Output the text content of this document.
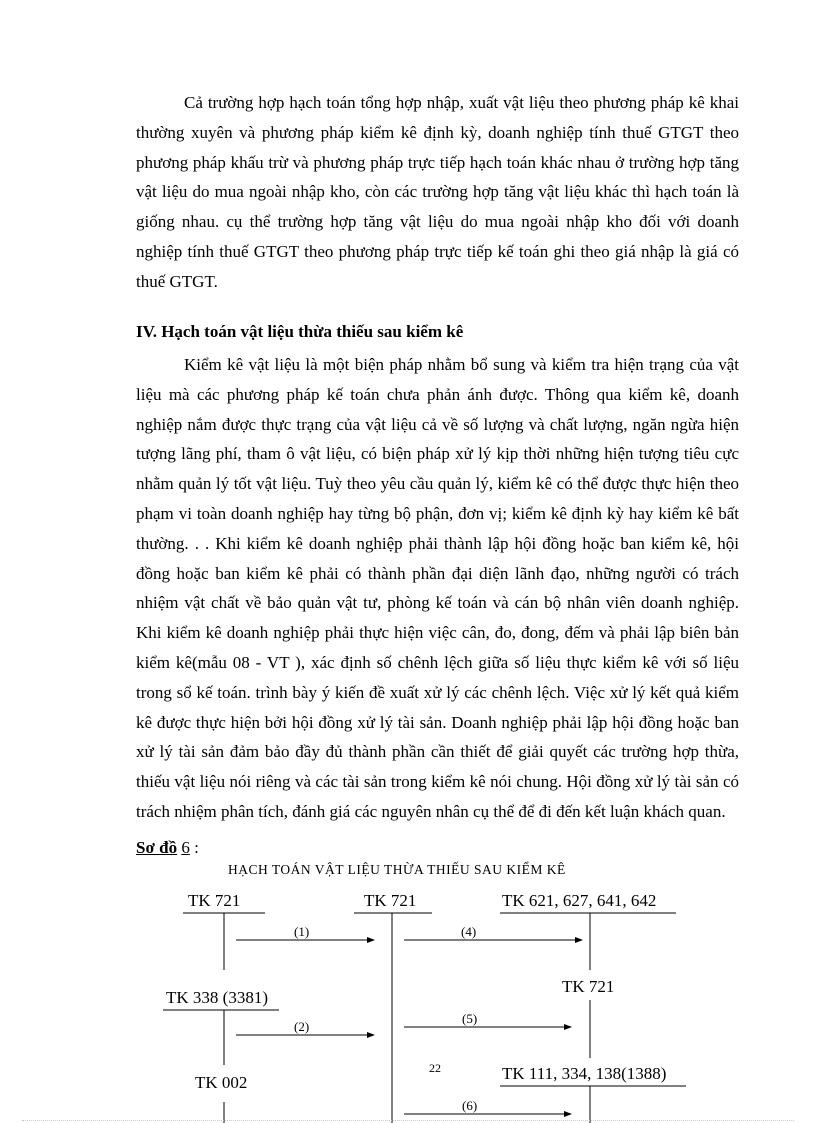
Cả trường hợp hạch toán tổng hợp nhập, xuất vật liệu theo phương pháp kê khai thường xuyên và phương pháp kiểm kê định kỳ, doanh nghiệp tính thuế GTGT theo phương pháp khấu trừ và phương pháp trực tiếp hạch toán khác nhau ở trường hợp tăng vật liệu do mua ngoài nhập kho, còn các trường hợp tăng vật liệu khác thì hạch toán là giống nhau. cụ thể trường hợp tăng vật liệu do mua ngoài nhập kho đối với doanh nghiệp tính thuế GTGT theo phương pháp trực tiếp kế toán ghi theo giá nhập là giá có thuế GTGT.

IV. Hạch toán vật liệu thừa thiếu sau kiểm kê

Kiểm kê vật liệu là một biện pháp nhằm bổ sung và kiểm tra hiện trạng của vật liệu mà các phương pháp kế toán chưa phản ánh được. Thông qua kiểm kê, doanh nghiệp nắm được thực trạng của vật liệu cả về số lượng và chất lượng, ngăn ngừa hiện tượng lãng phí, tham ô vật liệu, có biện pháp xử lý kịp thời những hiện tượng tiêu cực nhằm quản lý tốt vật liệu. Tuỳ theo yêu cầu quản lý, kiểm kê có thể được thực hiện theo phạm vi toàn doanh nghiệp hay từng bộ phận, đơn vị; kiểm kê định kỳ hay kiểm kê bất thường. . . Khi kiểm kê doanh nghiệp phải thành lập hội đồng hoặc ban kiểm kê, hội đồng hoặc ban kiểm kê phải có thành phần đại diện lãnh đạo, những người có trách nhiệm vật chất về bảo quản vật tư, phòng kế toán và cán bộ nhân viên doanh nghiệp. Khi kiểm kê doanh nghiệp phải thực hiện việc cân, đo, đong, đếm và phải lập biên bản kiểm kê(mẫu 08 - VT ), xác định số chênh lệch giữa số liệu thực kiểm kê với số liệu trong sổ kế toán. trình bày ý kiến đề xuất xử lý các chênh lệch. Việc xử lý kết quả kiểm kê được thực hiện bởi hội đồng xử lý tài sản. Doanh nghiệp phải lập hội đồng hoặc ban xử lý tài sản đảm bảo đầy đủ thành phần cần thiết để giải quyết các trường hợp thừa, thiếu vật liệu nói riêng và các tài sản trong kiểm kê nói chung. Hội đồng xử lý tài sản có trách nhiệm phân tích, đánh giá các nguyên nhân cụ thể để đi đến kết luận khách quan.

Sơ đồ 6 :
HẠCH TOÁN VẬT LIỆU THỪA THIẾU SAU KIỂM KÊ
TK 721
TK 338 (3381)
TK 002
TK 721	TK 621, 627, 641, 642
TK 721
TK 111, 334, 138(1388)
(1)	(4)
(2)
(5)
(6)
22
